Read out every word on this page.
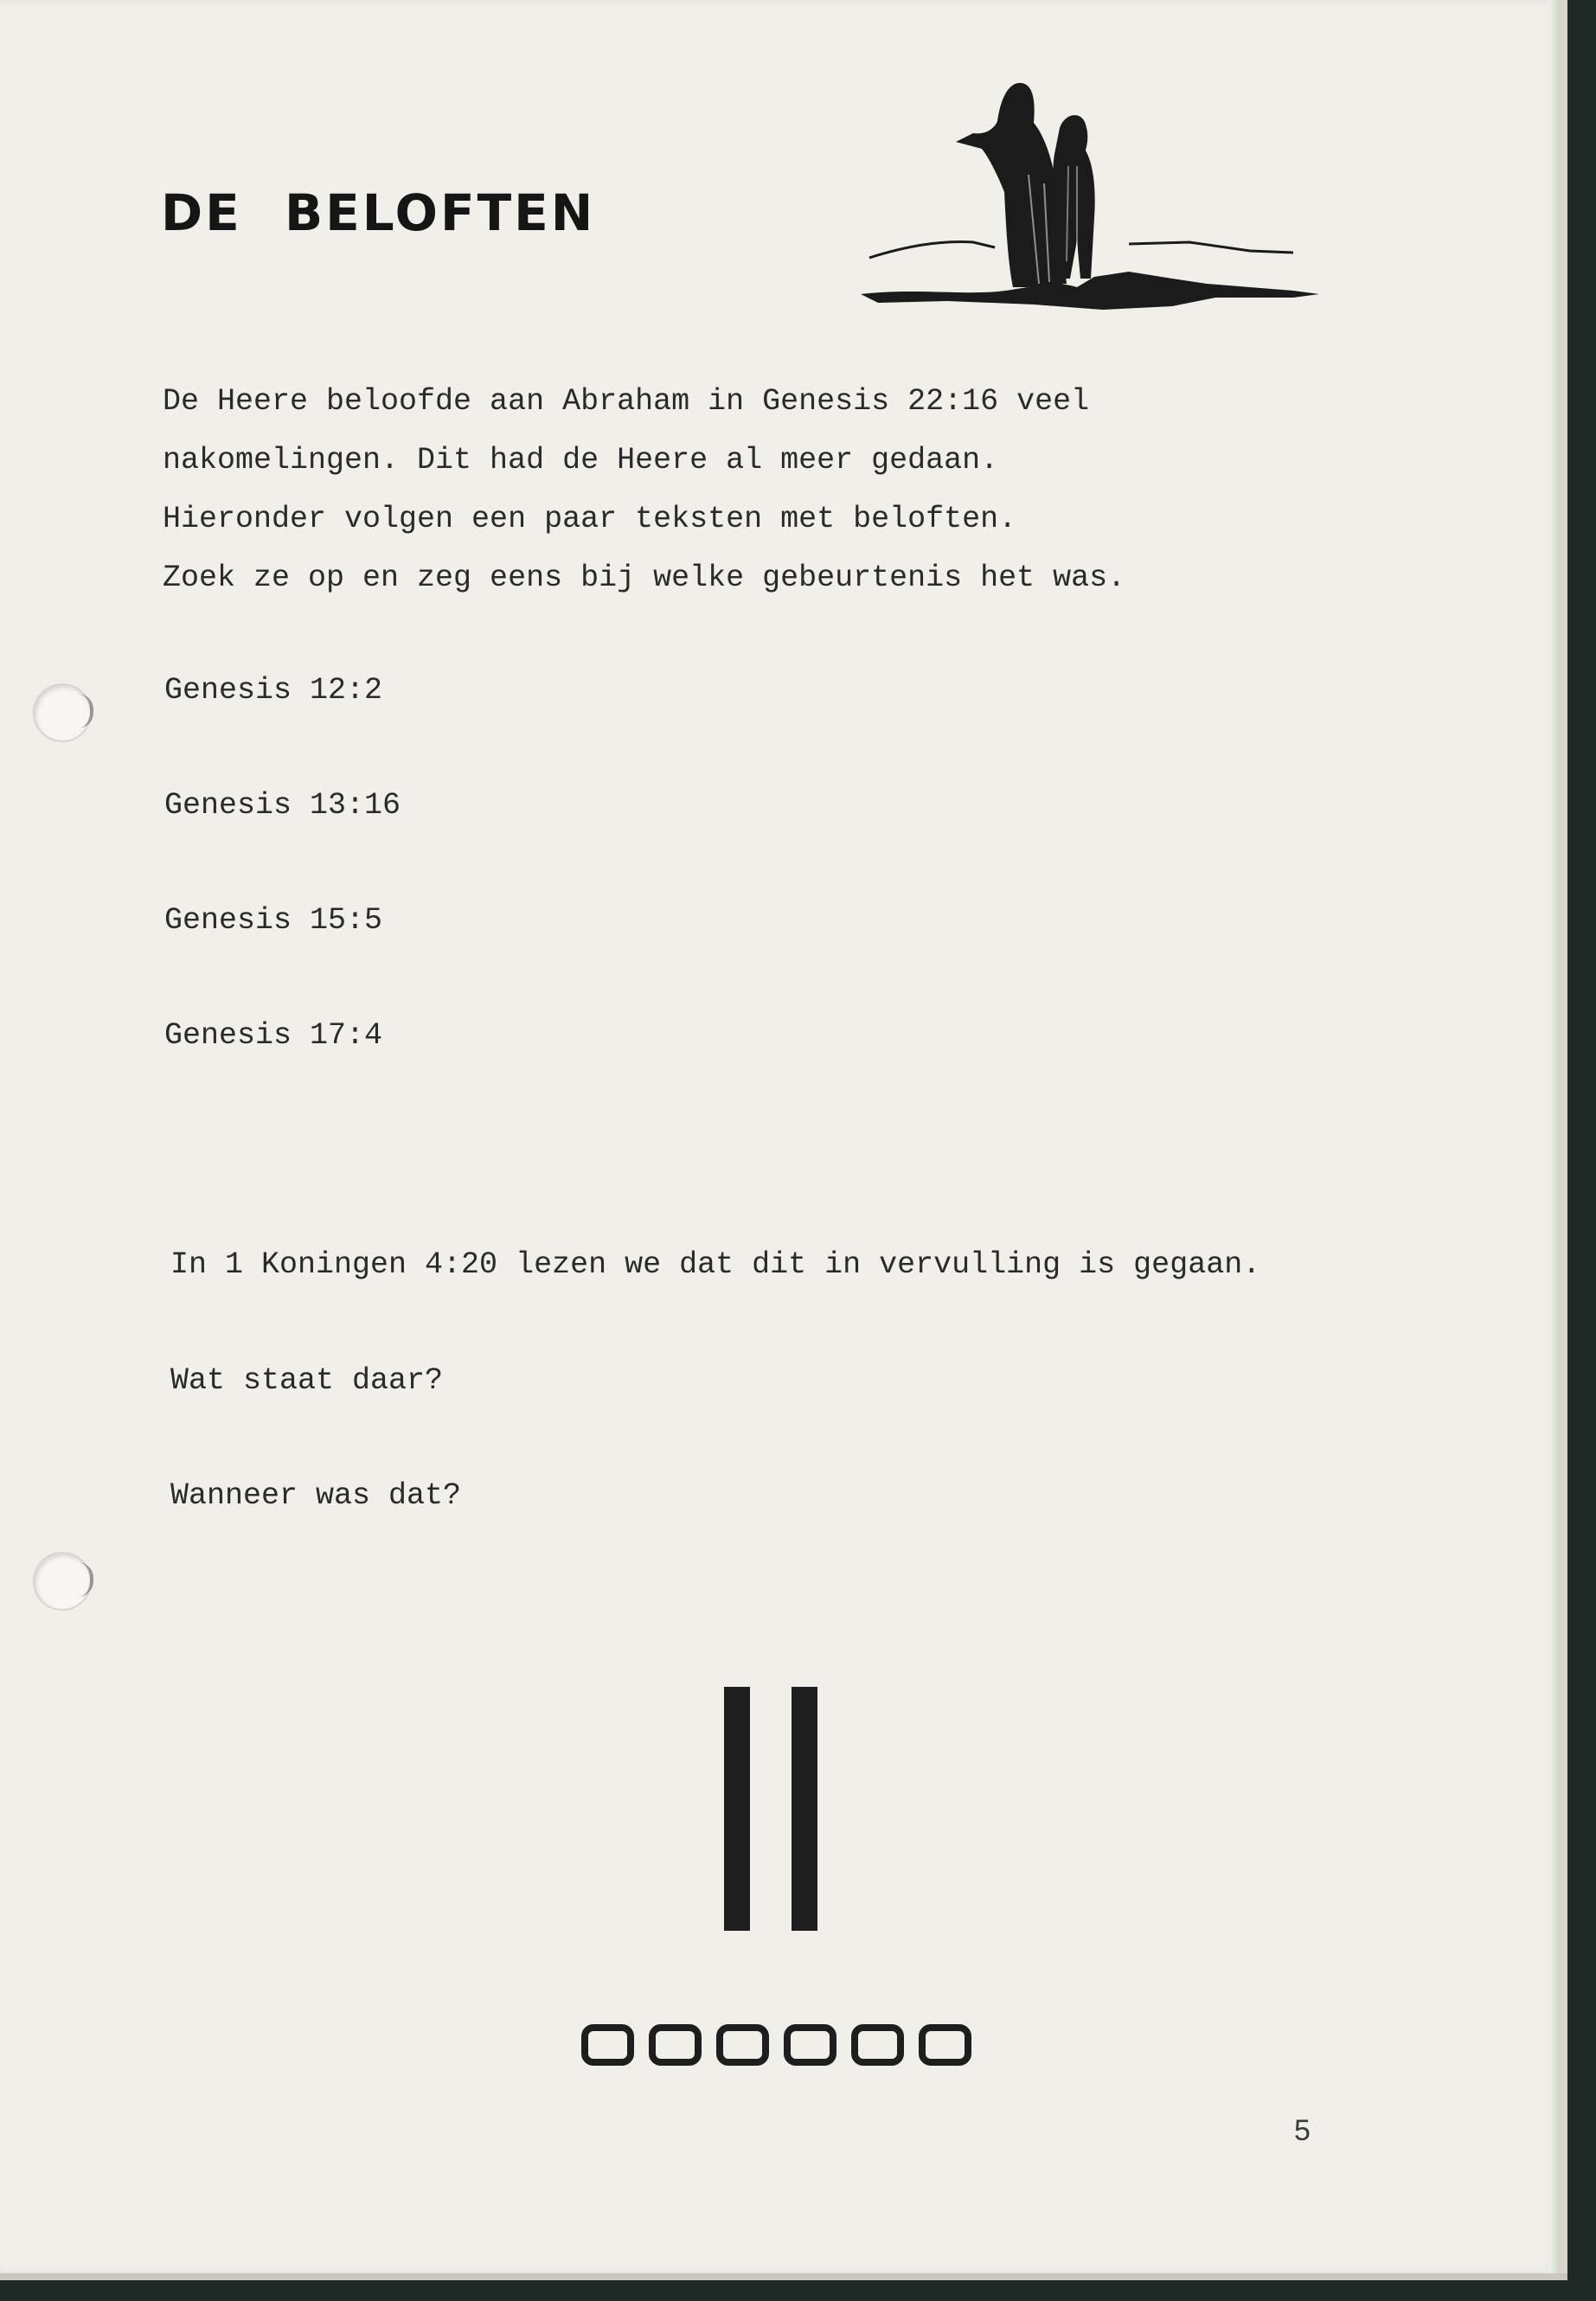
DE BELOFTEN
De Heere beloofde aan Abraham in Genesis 22:16 veel
nakomelingen. Dit had de Heere al meer gedaan.
Hieronder volgen een paar teksten met beloften.
Zoek ze op en zeg eens bij welke gebeurtenis het was.
Genesis 12:2
Genesis 13:16
Genesis 15:5
Genesis 17:4
In 1 Koningen 4:20 lezen we dat dit in vervulling is gegaan.
Wat staat daar?
Wanneer was dat?
5
